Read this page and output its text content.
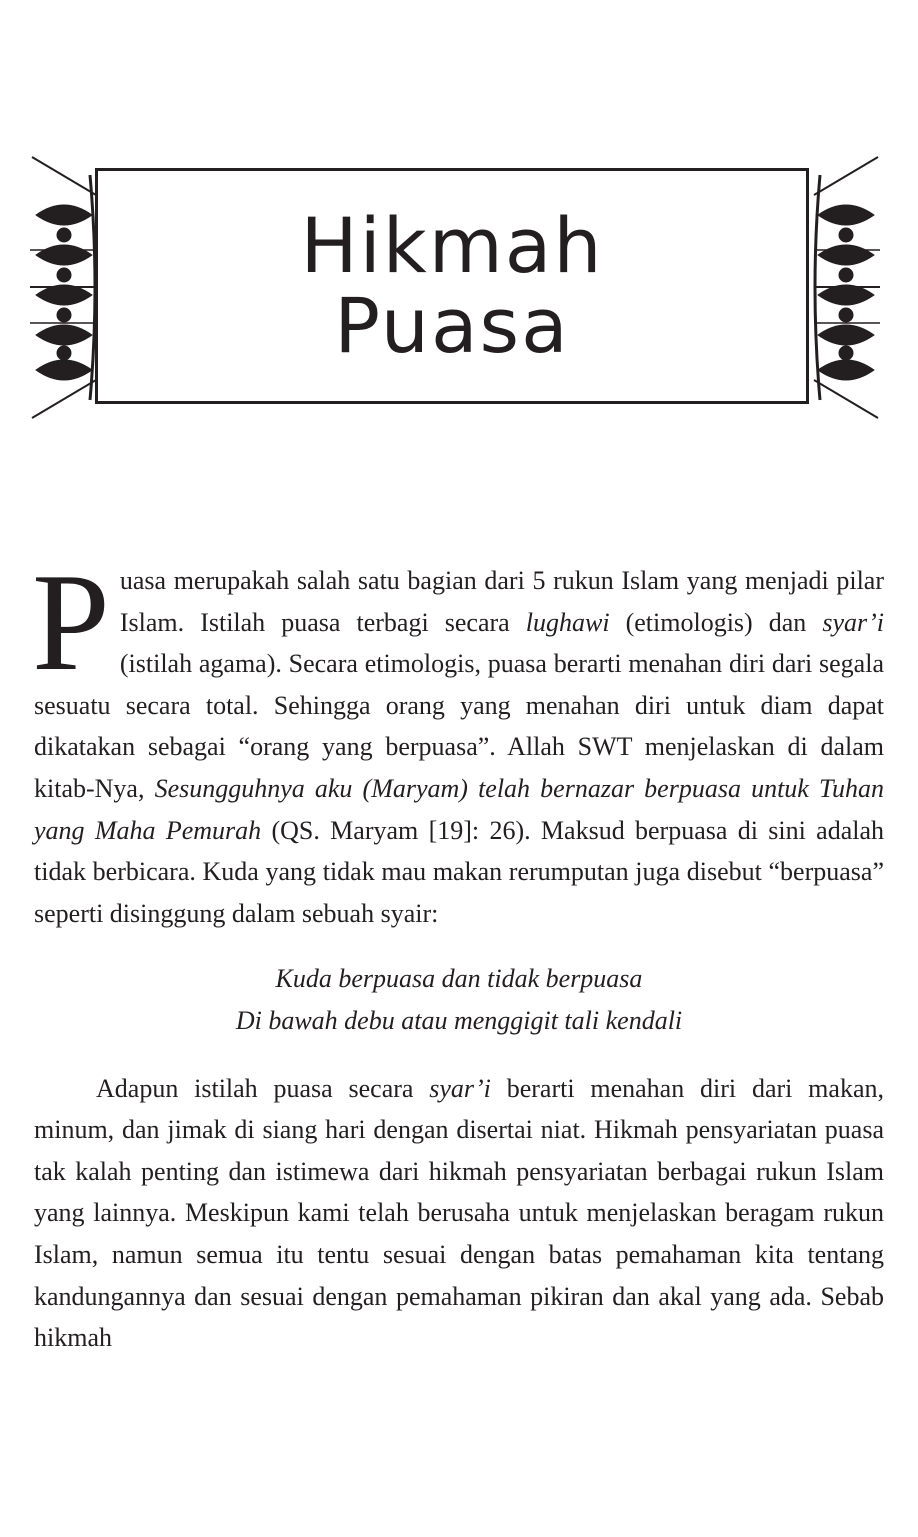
Hikmah
Puasa

Puasa merupakah salah satu bagian dari 5 rukun Islam yang menjadi pilar Islam. Istilah puasa terbagi secara lughawi (etimologis) dan syar’i (istilah agama). Secara etimologis, puasa berarti menahan diri dari segala sesuatu secara total. Sehingga orang yang menahan diri untuk diam dapat dikatakan sebagai “orang yang berpuasa”. Allah SWT menjelaskan di dalam kitab-Nya, Sesungguhnya aku (Maryam) telah bernazar berpuasa untuk Tuhan yang Maha Pemurah (QS. Maryam [19]: 26). Maksud berpuasa di sini adalah tidak berbicara. Kuda yang tidak mau makan rerumputan juga disebut “berpuasa” seperti disinggung dalam sebuah syair:

Kuda berpuasa dan tidak berpuasa
Di bawah debu atau menggigit tali kendali

Adapun istilah puasa secara syar’i berarti menahan diri dari makan, minum, dan jimak di siang hari dengan disertai niat. Hikmah pensyariatan puasa tak kalah penting dan istimewa dari hikmah pensyariatan berbagai rukun Islam yang lainnya. Meskipun kami telah berusaha untuk menjelaskan beragam rukun Islam, namun semua itu tentu sesuai dengan batas pemahaman kita tentang kandungannya dan sesuai dengan pemahaman pikiran dan akal yang ada. Sebab hikmah
